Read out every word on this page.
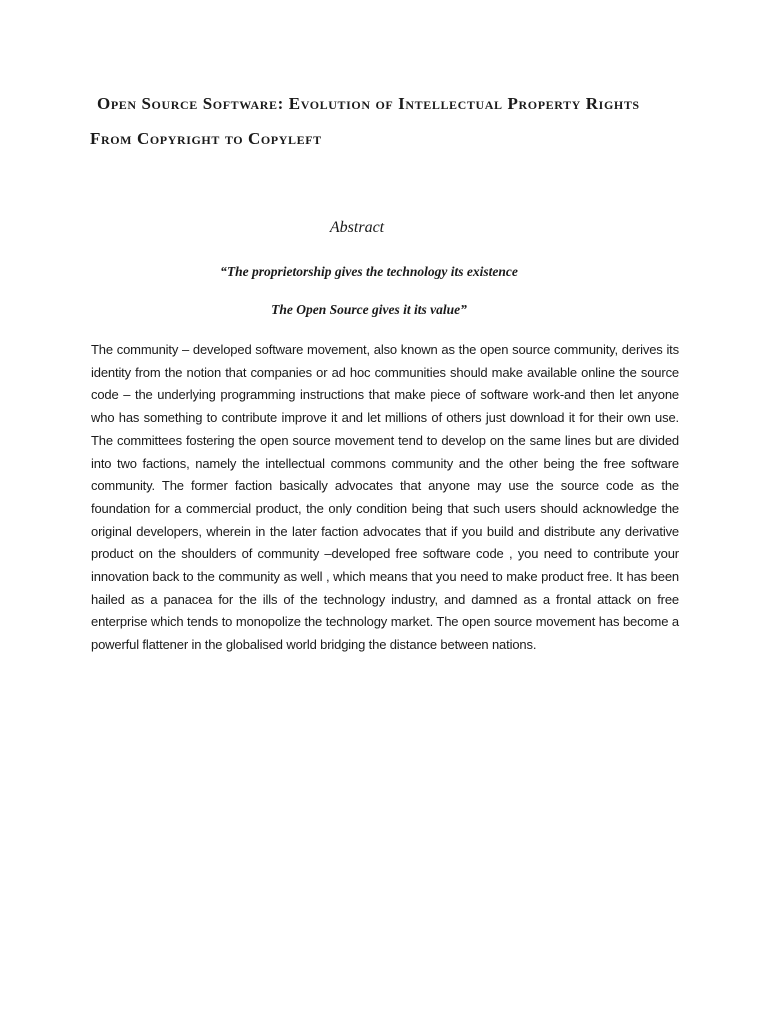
Open Source Software: Evolution of Intellectual Property Rights
From Copyright to Copyleft
Abstract

“The proprietorship gives the technology its existence

The Open Source gives it its value”

The community – developed software movement, also known as the open source community, derives its identity from the notion that companies or ad hoc communities should make available online the source code – the underlying programming instructions that make piece of software work-and then let anyone who has something to contribute improve it and let millions of others just download it for their own use. The committees fostering the open source movement tend to develop on the same lines but are divided into two factions, namely the intellectual commons community and the other being the free software community. The former faction basically advocates that anyone may use the source code as the foundation for a commercial product, the only condition being that such users should acknowledge the original developers, wherein in the later faction advocates that if you build and distribute any derivative product on the shoulders of community –developed free software code , you need to contribute your innovation back to the community as well , which means that you need to make product free. It has been hailed as a panacea for the ills of the technology industry, and damned as a frontal attack on free enterprise which tends to monopolize the technology market. The open source movement has become a powerful flattener in the globalised world bridging the distance between nations.
